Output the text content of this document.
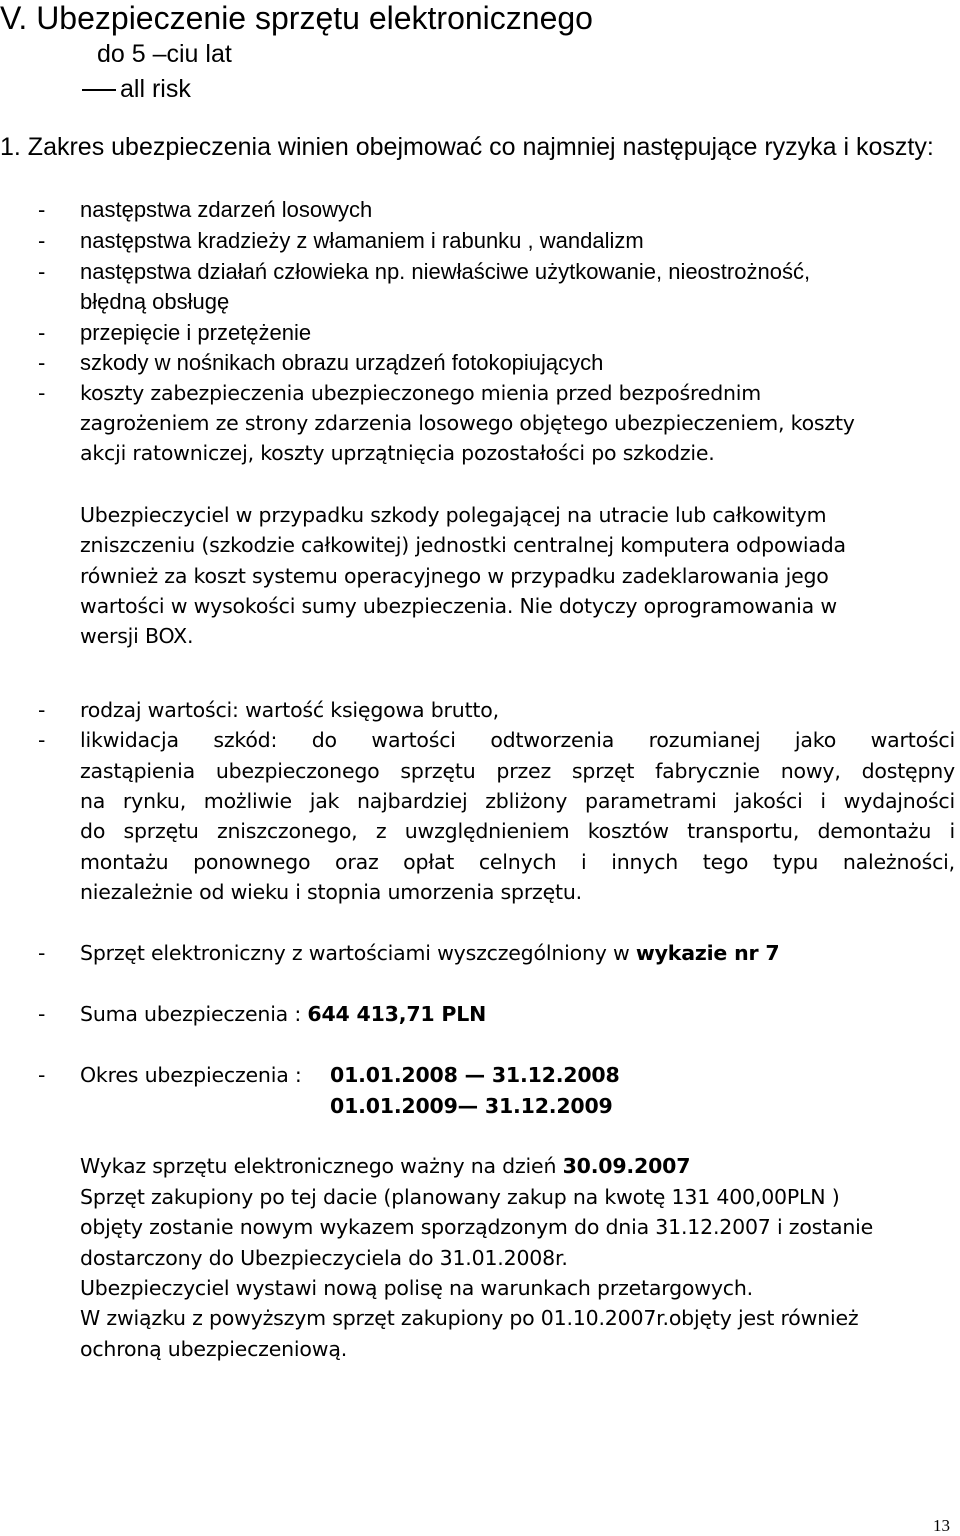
V. Ubezpieczenie sprzętu elektronicznego
do 5 –ciu lat
all risk
1. Zakres ubezpieczenia winien obejmować co najmniej następujące ryzyka i koszty:
- następstwa zdarzeń losowych
- następstwa kradzieży z włamaniem i rabunku , wandalizm
- następstwa działań człowieka np. niewłaściwe użytkowanie, nieostrożność,
błędną obsługę
- przepięcie i przetężenie
- szkody w nośnikach obrazu urządzeń fotokopiujących
- koszty zabezpieczenia ubezpieczonego mienia przed bezpośrednim
zagrożeniem ze strony zdarzenia losowego objętego ubezpieczeniem, koszty
akcji ratowniczej, koszty uprzątnięcia pozostałości po szkodzie.
Ubezpieczyciel w przypadku szkody polegającej na utracie lub całkowitym
zniszczeniu (szkodzie całkowitej) jednostki centralnej komputera odpowiada
również za koszt systemu operacyjnego w przypadku zadeklarowania jego
wartości w wysokości sumy ubezpieczenia. Nie dotyczy oprogramowania w
wersji BOX.
- rodzaj wartości: wartość księgowa brutto,
- likwidacja szkód: do wartości odtworzenia rozumianej jako wartości
zastąpienia ubezpieczonego sprzętu przez sprzęt fabrycznie nowy, dostępny
na rynku, możliwie jak najbardziej zbliżony parametrami jakości i wydajności
do sprzętu zniszczonego, z uwzględnieniem kosztów transportu, demontażu i
montażu ponownego oraz opłat celnych i innych tego typu należności,
niezależnie od wieku i stopnia umorzenia sprzętu.
- Sprzęt elektroniczny z wartościami wyszczególniony w wykazie nr 7
- Suma ubezpieczenia : 644 413,71 PLN
- Okres ubezpieczenia : 01.01.2008 — 31.12.2008
01.01.2009— 31.12.2009
Wykaz sprzętu elektronicznego ważny na dzień 30.09.2007
Sprzęt zakupiony po tej dacie (planowany zakup na kwotę 131 400,00PLN )
objęty zostanie nowym wykazem sporządzonym do dnia 31.12.2007 i zostanie
dostarczony do Ubezpieczyciela do 31.01.2008r.
Ubezpieczyciel wystawi nową polisę na warunkach przetargowych.
W związku z powyższym sprzęt zakupiony po 01.10.2007r.objęty jest również
ochroną ubezpieczeniową.
13
